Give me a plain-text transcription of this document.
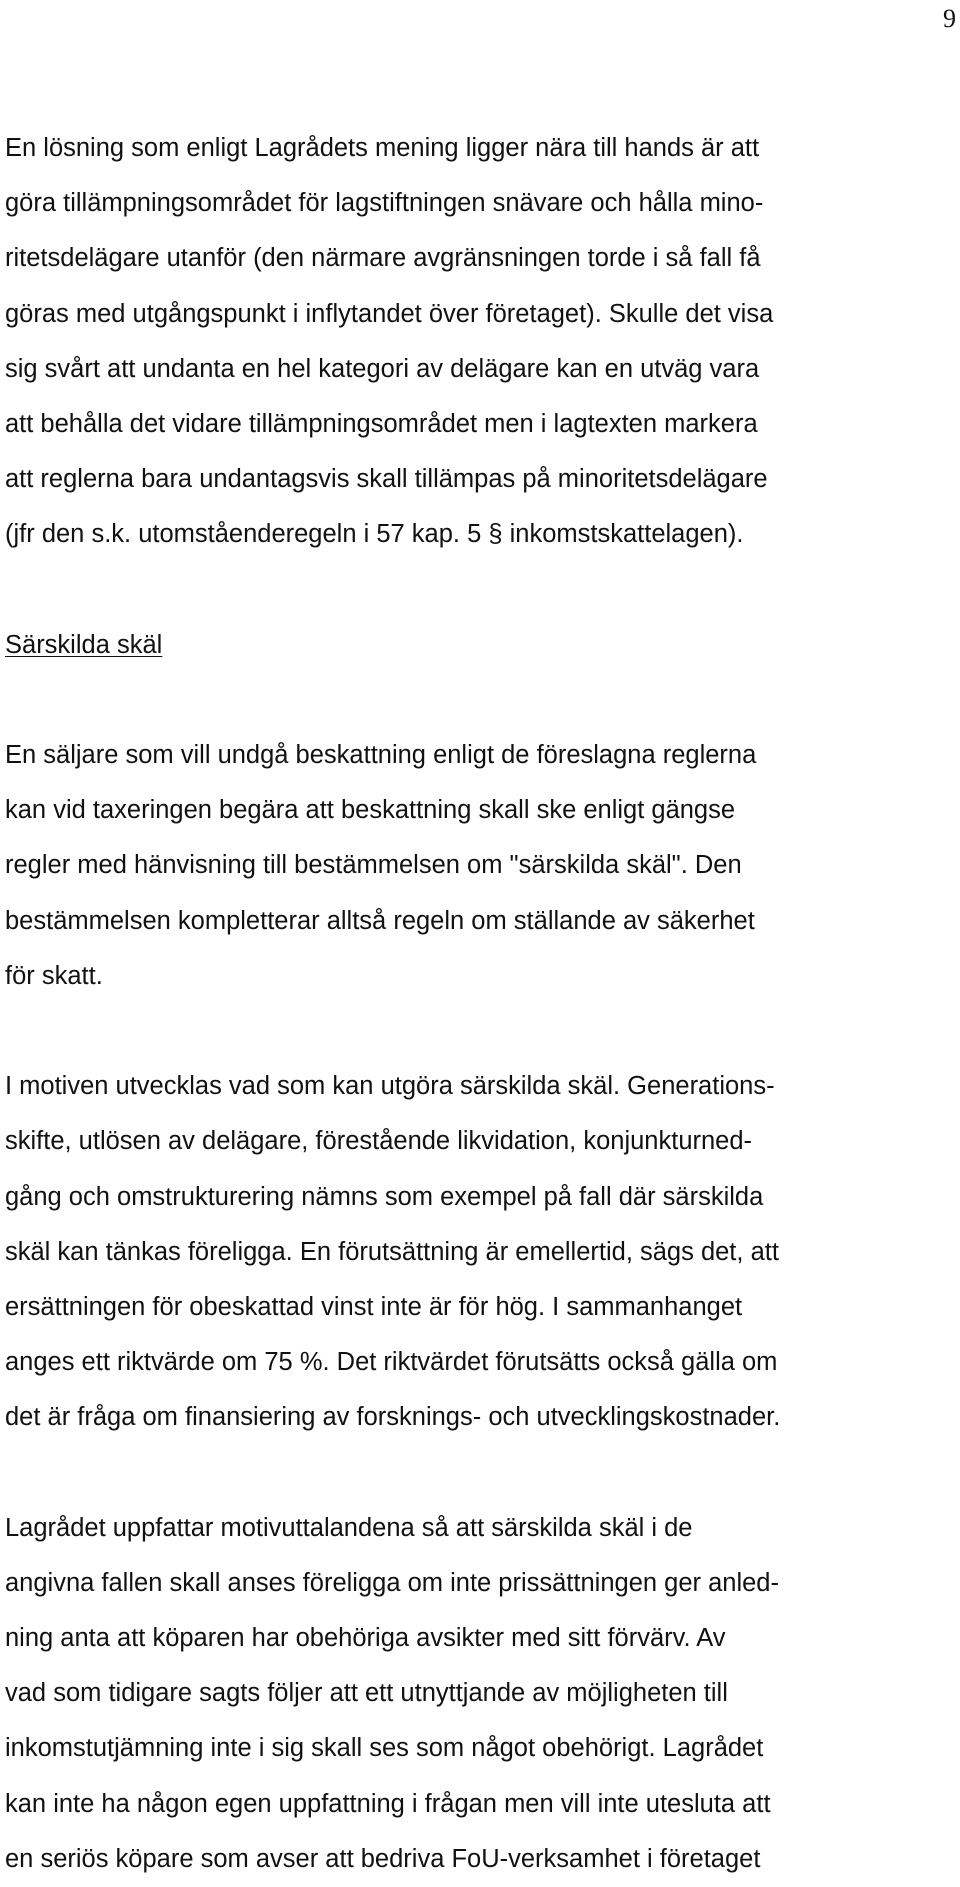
9

En lösning som enligt Lagrådets mening ligger nära till hands är att
göra tillämpningsområdet för lagstiftningen snävare och hålla mino-
ritetsdelägare utanför (den närmare avgränsningen torde i så fall få
göras med utgångspunkt i inflytandet över företaget). Skulle det visa
sig svårt att undanta en hel kategori av delägare kan en utväg vara
att behålla det vidare tillämpningsområdet men i lagtexten markera
att reglerna bara undantagsvis skall tillämpas på minoritetsdelägare
(jfr den s.k. utomståenderegeln i 57 kap. 5 § inkomstskattelagen).

Särskilda skäl

En säljare som vill undgå beskattning enligt de föreslagna reglerna
kan vid taxeringen begära att beskattning skall ske enligt gängse
regler med hänvisning till bestämmelsen om "särskilda skäl". Den
bestämmelsen kompletterar alltså regeln om ställande av säkerhet
för skatt.

I motiven utvecklas vad som kan utgöra särskilda skäl. Generations-
skifte, utlösen av delägare, förestående likvidation, konjunkturned-
gång och omstrukturering nämns som exempel på fall där särskilda
skäl kan tänkas föreligga. En förutsättning är emellertid, sägs det, att
ersättningen för obeskattad vinst inte är för hög. I sammanhanget
anges ett riktvärde om 75 %. Det riktvärdet förutsätts också gälla om
det är fråga om finansiering av forsknings- och utvecklingskostnader.

Lagrådet uppfattar motivuttalandena så att särskilda skäl i de
angivna fallen skall anses föreligga om inte prissättningen ger anled-
ning anta att köparen har obehöriga avsikter med sitt förvärv. Av
vad som tidigare sagts följer att ett utnyttjande av möjligheten till
inkomstutjämning inte i sig skall ses som något obehörigt. Lagrådet
kan inte ha någon egen uppfattning i frågan men vill inte utesluta att
en seriös köpare som avser att bedriva FoU-verksamhet i företaget
